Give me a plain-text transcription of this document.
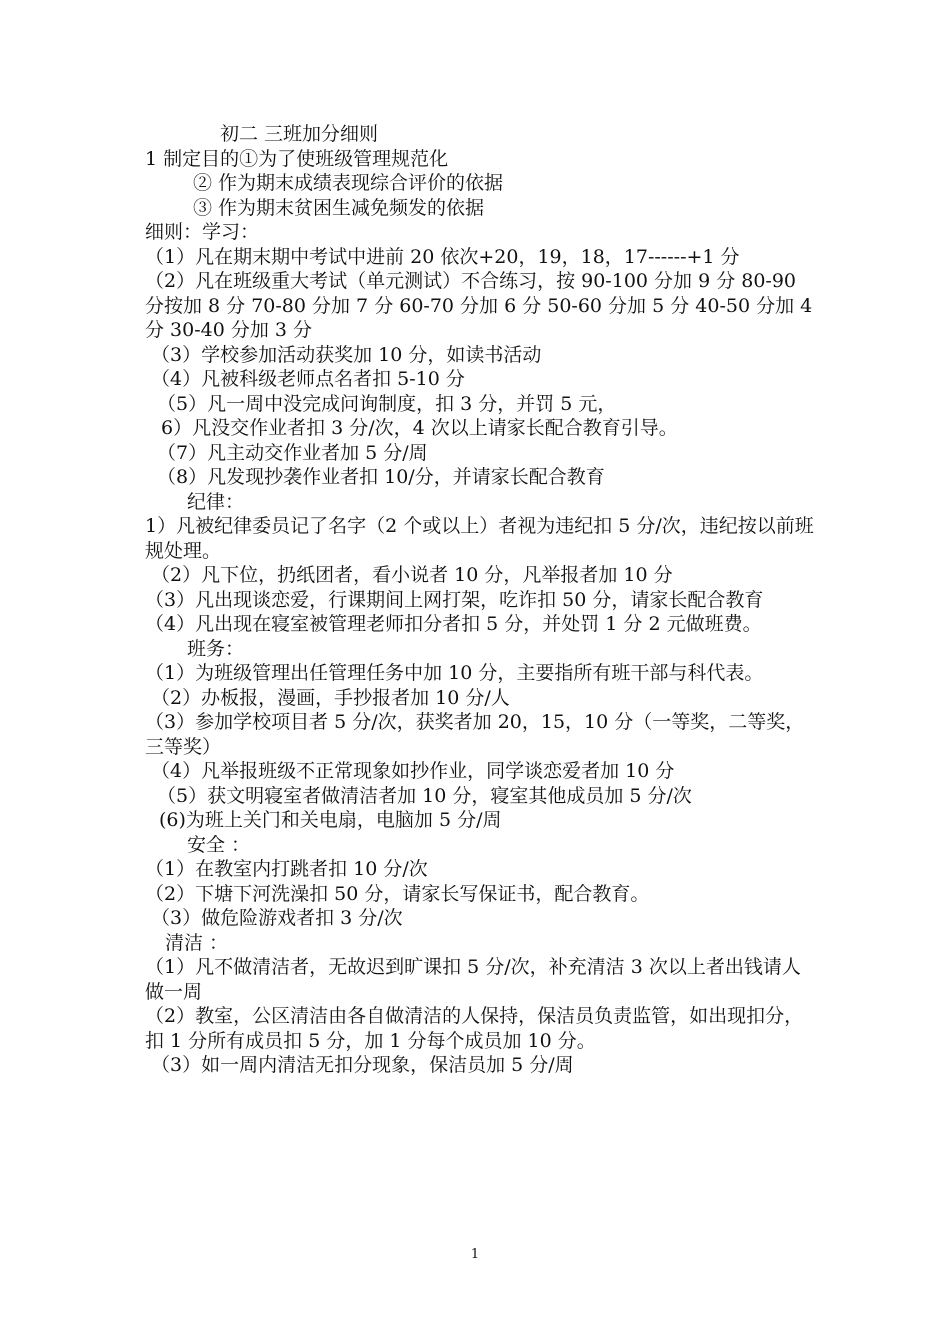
初二 三班加分细则

1 制定目的①为了使班级管理规范化

② 作为期末成绩表现综合评价的依据

③ 作为期末贫困生减免频发的依据

细则：学习：

（1）凡在期末期中考试中进前 20 依次+20，19，18，17------+1 分

（2）凡在班级重大考试（单元测试）不合练习，按 90-100 分加 9 分 80-90 分按加 8 分 70-80 分加 7 分 60-70 分加 6 分 50-60 分加 5 分 40-50 分加 4 分 30-40 分加 3 分

（3）学校参加活动获奖加 10 分，如读书活动

（4）凡被科级老师点名者扣 5-10 分

（5）凡一周中没完成问询制度，扣 3 分，并罚 5 元，

6）凡没交作业者扣 3 分/次，4 次以上请家长配合教育引导。

（7）凡主动交作业者加 5 分/周

（8）凡发现抄袭作业者扣 10/分，并请家长配合教育

纪律：

1）凡被纪律委员记了名字（2 个或以上）者视为违纪扣 5 分/次，违纪按以前班规处理。

（2）凡下位，扔纸团者，看小说者 10 分，凡举报者加 10 分

（3）凡出现谈恋爱，行课期间上网打架，吃诈扣 50 分，请家长配合教育

（4）凡出现在寝室被管理老师扣分者扣 5 分，并处罚 1 分 2 元做班费。

班务：

（1）为班级管理出任管理任务中加 10 分，主要指所有班干部与科代表。

（2）办板报，漫画，手抄报者加 10 分/人

（3）参加学校项目者 5 分/次，获奖者加 20，15，10 分（一等奖，二等奖，三等奖）

（4）凡举报班级不正常现象如抄作业，同学谈恋爱者加 10 分

（5）获文明寝室者做清洁者加 10 分，寝室其他成员加 5 分/次

(6)为班上关门和关电扇，电脑加 5 分/周

安全 ：

（1）在教室内打跳者扣 10 分/次

（2）下塘下河洗澡扣 50 分，请家长写保证书，配合教育。

（3）做危险游戏者扣 3 分/次

清洁 ：

（1）凡不做清洁者，无故迟到旷课扣 5 分/次，补充清洁 3 次以上者出钱请人做一周

（2）教室，公区清洁由各自做清洁的人保持，保洁员负责监管，如出现扣分，扣 1 分所有成员扣 5 分，加 1 分每个成员加 10 分。

（3）如一周内清洁无扣分现象，保洁员加 5 分/周

1
